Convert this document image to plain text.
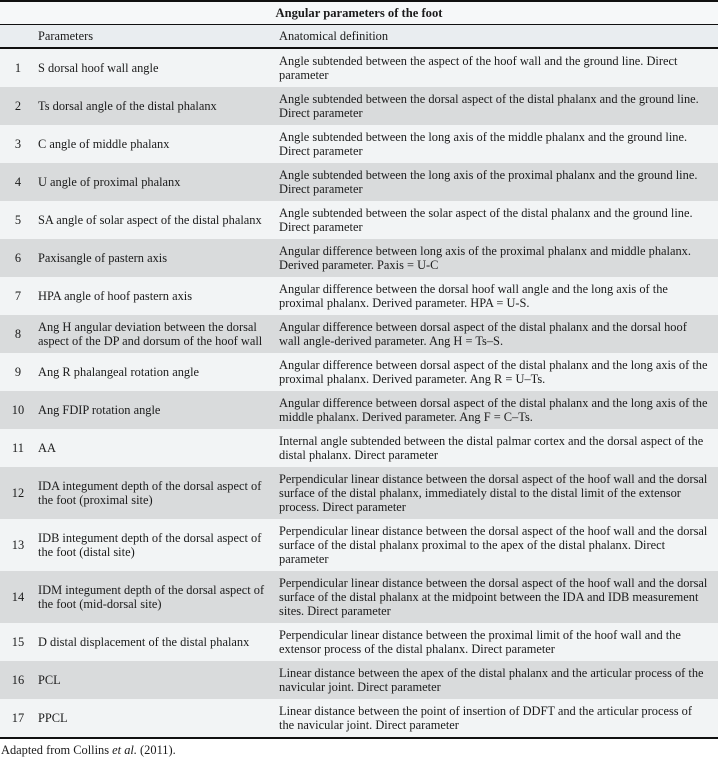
Angular parameters of the foot		
	Parameters	Anatomical definition
1	S dorsal hoof wall angle	Angle subtended between the aspect of the hoof wall and the ground line. Direct parameter
2	Ts dorsal angle of the distal phalanx	Angle subtended between the dorsal aspect of the distal phalanx and the ground line. Direct parameter
3	C angle of middle phalanx	Angle subtended between the long axis of the middle phalanx and the ground line. Direct parameter
4	U angle of proximal phalanx	Angle subtended between the long axis of the proximal phalanx and the ground line. Direct parameter
5	SA angle of solar aspect of the distal phalanx	Angle subtended between the solar aspect of the distal phalanx and the ground line. Direct parameter
6	Paxisangle of pastern axis	Angular difference between long axis of the proximal phalanx and middle phalanx. Derived parameter. Paxis = U-C
7	HPA angle of hoof pastern axis	Angular difference between the dorsal hoof wall angle and the long axis of the proximal phalanx. Derived parameter. HPA = U-S.
8	Ang H angular deviation between the dorsal aspect of the DP and dorsum of the hoof wall	Angular difference between dorsal aspect of the distal phalanx and the dorsal hoof wall angle-derived parameter. Ang H = Ts–S.
9	Ang R phalangeal rotation angle	Angular difference between dorsal aspect of the distal phalanx and the long axis of the proximal phalanx. Derived parameter. Ang R = U–Ts.
10	Ang FDIP rotation angle	Angular difference between dorsal aspect of the distal phalanx and the long axis of the middle phalanx. Derived parameter. Ang F = C–Ts.
11	AA	Internal angle subtended between the distal palmar cortex and the dorsal aspect of the distal phalanx. Direct parameter
12	IDA integument depth of the dorsal aspect of the foot (proximal site)	Perpendicular linear distance between the dorsal aspect of the hoof wall and the dorsal surface of the distal phalanx, immediately distal to the distal limit of the extensor process. Direct parameter
13	IDB integument depth of the dorsal aspect of the foot (distal site)	Perpendicular linear distance between the dorsal aspect of the hoof wall and the dorsal surface of the distal phalanx proximal to the apex of the distal phalanx. Direct parameter
14	IDM integument depth of the dorsal aspect of the foot (mid-dorsal site)	Perpendicular linear distance between the dorsal aspect of the hoof wall and the dorsal surface of the distal phalanx at the midpoint between the IDA and IDB measurement sites. Direct parameter
15	D distal displacement of the distal phalanx	Perpendicular linear distance between the proximal limit of the hoof wall and the extensor process of the distal phalanx. Direct parameter
16	PCL	Linear distance between the apex of the distal phalanx and the articular process of the navicular joint. Direct parameter
17	PPCL	Linear distance between the point of insertion of DDFT and the articular process of the navicular joint. Direct parameter
Adapted from Collins et al. (2011).
